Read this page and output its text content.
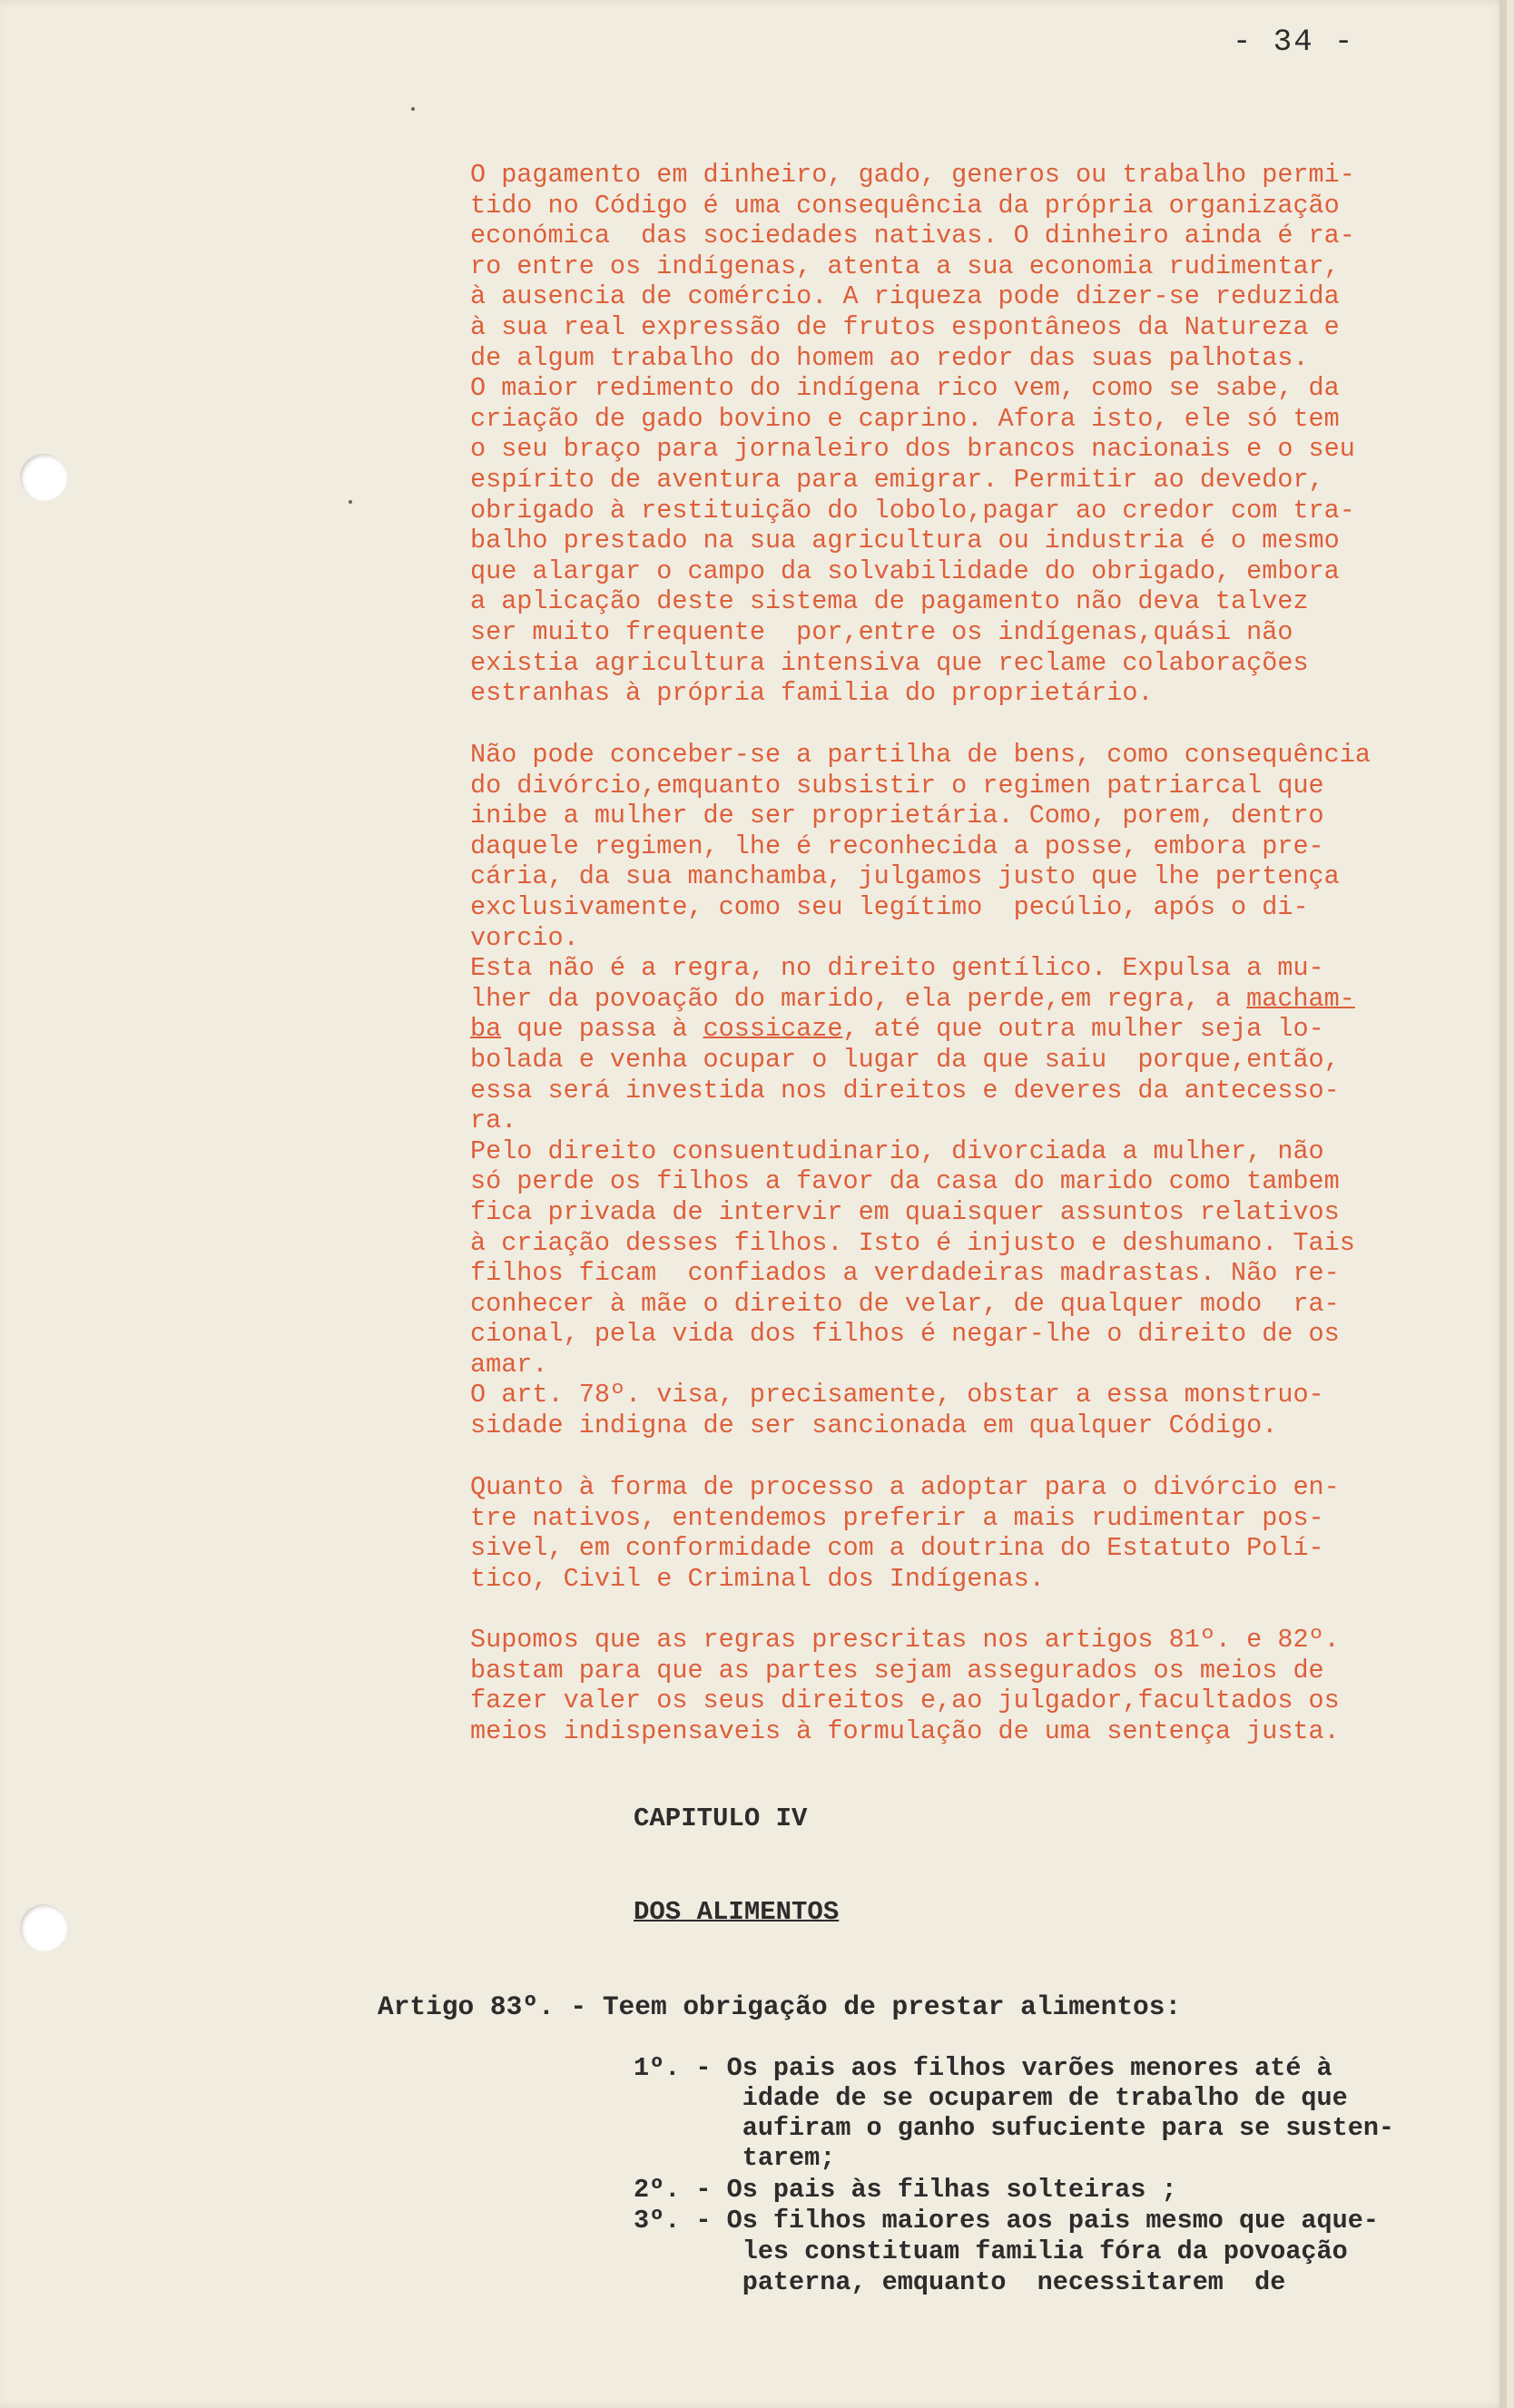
- 34 -

O pagamento em dinheiro, gado, generos ou trabalho permi-
tido no Código é uma consequência da própria organização
económica  das sociedades nativas. O dinheiro ainda é ra-
ro entre os indígenas, atenta a sua economia rudimentar,
à ausencia de comércio. A riqueza pode dizer-se reduzida
à sua real expressão de frutos espontâneos da Natureza e
de algum trabalho do homem ao redor das suas palhotas.
O maior redimento do indígena rico vem, como se sabe, da
criação de gado bovino e caprino. Afora isto, ele só tem
o seu braço para jornaleiro dos brancos nacionais e o seu
espírito de aventura para emigrar. Permitir ao devedor,
obrigado à restituição do lobolo,pagar ao credor com tra-
balho prestado na sua agricultura ou industria é o mesmo
que alargar o campo da solvabilidade do obrigado, embora
a aplicação deste sistema de pagamento não deva talvez
ser muito frequente  por,entre os indígenas,quási não
existia agricultura intensiva que reclame colaborações
estranhas à própria familia do proprietário.

Não pode conceber-se a partilha de bens, como consequência
do divórcio,emquanto subsistir o regimen patriarcal que
inibe a mulher de ser proprietária. Como, porem, dentro
daquele regimen, lhe é reconhecida a posse, embora pre-
cária, da sua manchamba, julgamos justo que lhe pertença
exclusivamente, como seu legítimo  pecúlio, após o di-
vorcio.
Esta não é a regra, no direito gentílico. Expulsa a mu-
lher da povoação do marido, ela perde,em regra, a macham-
ba que passa à cossicaze, até que outra mulher seja lo-
bolada e venha ocupar o lugar da que saiu  porque,então,
essa será investida nos direitos e deveres da antecesso-
ra.
Pelo direito consuentudinario, divorciada a mulher, não
só perde os filhos a favor da casa do marido como tambem
fica privada de intervir em quaisquer assuntos relativos
à criação desses filhos. Isto é injusto e deshumano. Tais
filhos ficam  confiados a verdadeiras madrastas. Não re-
conhecer à mãe o direito de velar, de qualquer modo  ra-
cional, pela vida dos filhos é negar-lhe o direito de os
amar.
O art. 78º. visa, precisamente, obstar a essa monstruo-
sidade indigna de ser sancionada em qualquer Código.

Quanto à forma de processo a adoptar para o divórcio en-
tre nativos, entendemos preferir a mais rudimentar pos-
sivel, em conformidade com a doutrina do Estatuto Polí-
tico, Civil e Criminal dos Indígenas.

Supomos que as regras prescritas nos artigos 81º. e 82º.
bastam para que as partes sejam assegurados os meios de
fazer valer os seus direitos e,ao julgador,facultados os
meios indispensaveis à formulação de uma sentença justa.

CAPITULO IV

DOS ALIMENTOS

Artigo 83º. - Teem obrigação de prestar alimentos:

1º. - Os pais aos filhos varões menores até à
idade de se ocuparem de trabalho de que
aufiram o ganho sufuciente para se susten-
tarem;

2º. - Os pais às filhas solteiras ;

3º. - Os filhos maiores aos pais mesmo que aque-
les constituam familia fóra da povoação
paterna, emquanto  necessitarem  de
